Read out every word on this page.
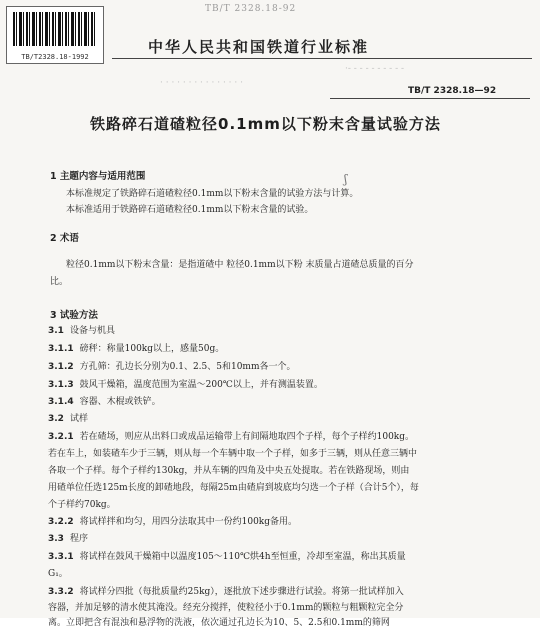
TB/T 2328.18-92
TB/T2328.18-1992
中华人民共和国铁道行业标准
·- - - - - - - - - -
· · · · · · · · · · · · · · ·
TB/T 2328.18—92
铁路碎石道碴粒径0.1mm以下粉末含量试验方法
1 主题内容与适用范围
本标准规定了铁路碎石道碴粒径0.1mm以下粉末含量的试验方法与计算。
本标准适用于铁路碎石道碴粒径0.1mm以下粉末含量的试验。
2 术语
粒径0.1mm以下粉末含量：是指道碴中 粒径0.1mm以下粉 末质量占道碴总质量的百分
比。
3 试验方法
3.1 设备与机具
3.1.1 磅秤：称量100kg以上，感量50g。
3.1.2 方孔筛：孔边长分别为0.1、2.5、5和10mm各一个。
3.1.3 鼓风干燥箱，温度范围为室温～200℃以上，并有测温装置。
3.1.4 容器、木棍或铁铲。
3.2 试样
3.2.1 若在碴场，则应从出料口或成品运输带上有间隔地取四个子样，每个子样约100kg。
若在车上，如装碴车少于三辆，则从每一个车辆中取一个子样，如多于三辆，则从任意三辆中
各取一个子样。每个子样约130kg，并从车辆的四角及中央五处提取。若在铁路现场，则由
用碴单位任选125m长度的卸碴地段，每隔25m由碴肩到坡底均匀选一个子样（合计5个），每
个子样约70kg。
3.2.2 将试样拌和均匀，用四分法取其中一份约100kg备用。
3.3 程序
3.3.1 将试样在鼓风干燥箱中以温度105～110℃烘4h至恒重，冷却至室温，称出其质量
G₁。
3.3.2 将试样分四批（每批质量约25kg），逐批放下述步骤进行试验。将第一批试样加入
容器，并加足够的清水使其淹没。经充分搅拌，使粒径小于0.1mm的颗粒与粗颗粒完全分
离。立即把含有混浊和悬浮物的洗液，依次通过孔边长为10、5、2.5和0.1mm的筛网
ʃ
